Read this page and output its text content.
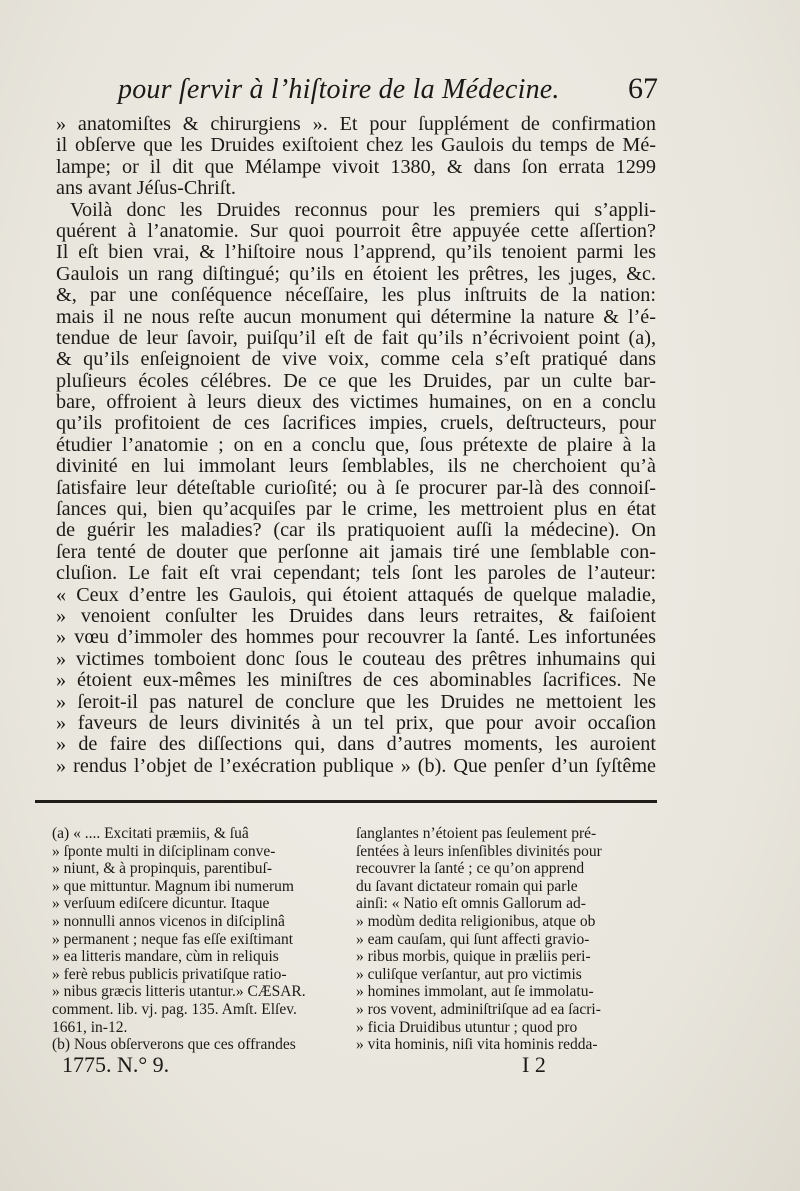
pour ſervir à l’hiſtoire de la Médecine. 67
» anatomiſtes & chirurgiens ». Et pour ſupplément de confirmation
il obſerve que les Druides exiſtoient chez les Gaulois du temps de Mé-
lampe; or il dit que Mélampe vivoit 1380, & dans ſon errata 1299
ans avant Jéſus-Chriſt.
Voilà donc les Druides reconnus pour les premiers qui s’appli-
quérent à l’anatomie. Sur quoi pourroit être appuyée cette aſſertion?
Il eſt bien vrai, & l’hiſtoire nous l’apprend, qu’ils tenoient parmi les
Gaulois un rang diſtingué; qu’ils en étoient les prêtres, les juges, &c.
&, par une conſéquence néceſſaire, les plus inſtruits de la nation:
mais il ne nous reſte aucun monument qui détermine la nature & l’é-
tendue de leur ſavoir, puiſqu’il eſt de fait qu’ils n’écrivoient point (a),
& qu’ils enſeignoient de vive voix, comme cela s’eſt pratiqué dans
pluſieurs écoles célébres. De ce que les Druides, par un culte bar-
bare, offroient à leurs dieux des victimes humaines, on en a conclu
qu’ils profitoient de ces ſacrifices impies, cruels, deſtructeurs, pour
étudier l’anatomie ; on en a conclu que, ſous prétexte de plaire à la
divinité en lui immolant leurs ſemblables, ils ne cherchoient qu’à
ſatisfaire leur déteſtable curioſité; ou à ſe procurer par-là des connoiſ-
ſances qui, bien qu’acquiſes par le crime, les mettroient plus en état
de guérir les maladies? (car ils pratiquoient auſſi la médecine). On
ſera tenté de douter que perſonne ait jamais tiré une ſemblable con-
cluſion. Le fait eſt vrai cependant; tels ſont les paroles de l’auteur:
« Ceux d’entre les Gaulois, qui étoient attaqués de quelque maladie,
» venoient conſulter les Druides dans leurs retraites, & faiſoient
» vœu d’immoler des hommes pour recouvrer la ſanté. Les infortunées
» victimes tomboient donc ſous le couteau des prêtres inhumains qui
» étoient eux-mêmes les miniſtres de ces abominables ſacrifices. Ne
» ſeroit-il pas naturel de conclure que les Druides ne mettoient les
» faveurs de leurs divinités à un tel prix, que pour avoir occaſion
» de faire des diſſections qui, dans d’autres moments, les auroient
» rendus l’objet de l’exécration publique » (b). Que penſer d’un ſyſtême
(a) « .... Excitati præmiis, & ſuâ
» ſponte multi in diſciplinam conve-
» niunt, & à propinquis, parentibuſ-
» que mittuntur. Magnum ibi numerum
» verſuum ediſcere dicuntur. Itaque
» nonnulli annos vicenos in diſciplinâ
» permanent ; neque fas eſſe exiſtimant
» ea litteris mandare, cùm in reliquis
» ferè rebus publicis privatiſque ratio-
» nibus græcis litteris utantur.» CÆSAR.
comment. lib. vj. pag. 135. Amſt. Elſev.
1661, in-12.
(b) Nous obſerverons que ces offrandes
ſanglantes n’étoient pas ſeulement pré-
ſentées à leurs inſenſibles divinités pour
recouvrer la ſanté ; ce qu’on apprend
du ſavant dictateur romain qui parle
ainſi: « Natio eſt omnis Gallorum ad-
» modùm dedita religionibus, atque ob
» eam cauſam, qui ſunt affecti gravio-
» ribus morbis, quique in præliis peri-
» culiſque verſantur, aut pro victimis
» homines immolant, aut ſe immolatu-
» ros vovent, adminiſtriſque ad ea ſacri-
» ficia Druidibus utuntur ; quod pro
» vita hominis, niſi vita hominis redda-
1775. N.° 9.	I 2
